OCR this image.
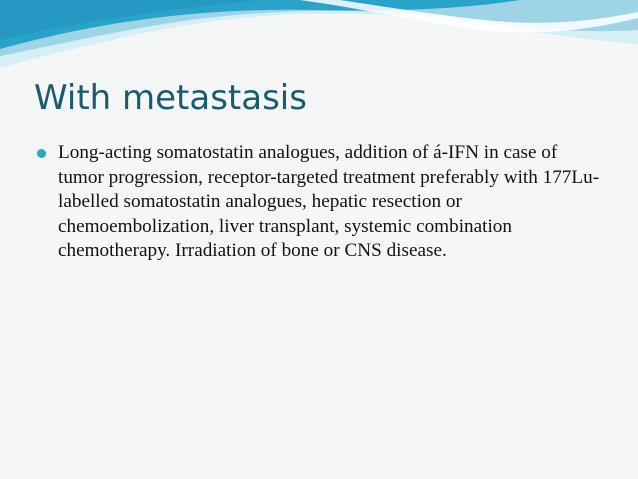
With metastasis
Long-acting somatostatin analogues, addition of á-IFN in case of tumor progression, receptor-targeted treatment preferably with 177Lu-labelled somatostatin analogues, hepatic resection or chemoembolization, liver transplant, systemic combination chemotherapy. Irradiation of bone or CNS disease.
